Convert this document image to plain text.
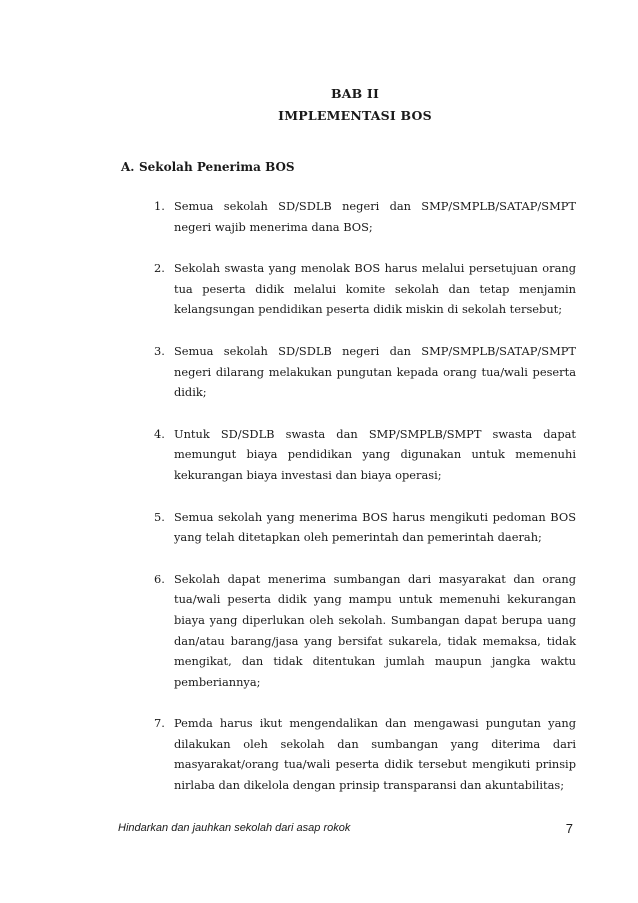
BAB II
IMPLEMENTASI BOS
A. Sekolah Penerima BOS
1. Semua sekolah SD/SDLB negeri dan SMP/SMPLB/SATAP/SMPT negeri wajib menerima dana BOS;
2. Sekolah swasta yang menolak BOS harus melalui persetujuan orang tua peserta didik melalui komite sekolah dan tetap menjamin kelangsungan pendidikan peserta didik miskin di sekolah tersebut;
3. Semua sekolah SD/SDLB negeri dan SMP/SMPLB/SATAP/SMPT negeri dilarang melakukan pungutan kepada orang tua/wali peserta didik;
4. Untuk SD/SDLB swasta dan SMP/SMPLB/SMPT swasta dapat memungut biaya pendidikan yang digunakan untuk memenuhi kekurangan biaya investasi dan biaya operasi;
5. Semua sekolah yang menerima BOS harus mengikuti pedoman BOS yang telah ditetapkan oleh pemerintah dan pemerintah daerah;
6. Sekolah dapat menerima sumbangan dari masyarakat dan orang tua/wali peserta didik yang mampu untuk memenuhi kekurangan biaya yang diperlukan oleh sekolah. Sumbangan dapat berupa uang dan/atau barang/jasa yang bersifat sukarela, tidak memaksa, tidak mengikat, dan tidak ditentukan jumlah maupun jangka waktu pemberiannya;
7. Pemda harus ikut mengendalikan dan mengawasi pungutan yang dilakukan oleh sekolah dan sumbangan yang diterima dari masyarakat/orang tua/wali peserta didik tersebut mengikuti prinsip nirlaba dan dikelola dengan prinsip transparansi dan akuntabilitas;
Hindarkan dan jauhkan sekolah dari asap rokok	7
